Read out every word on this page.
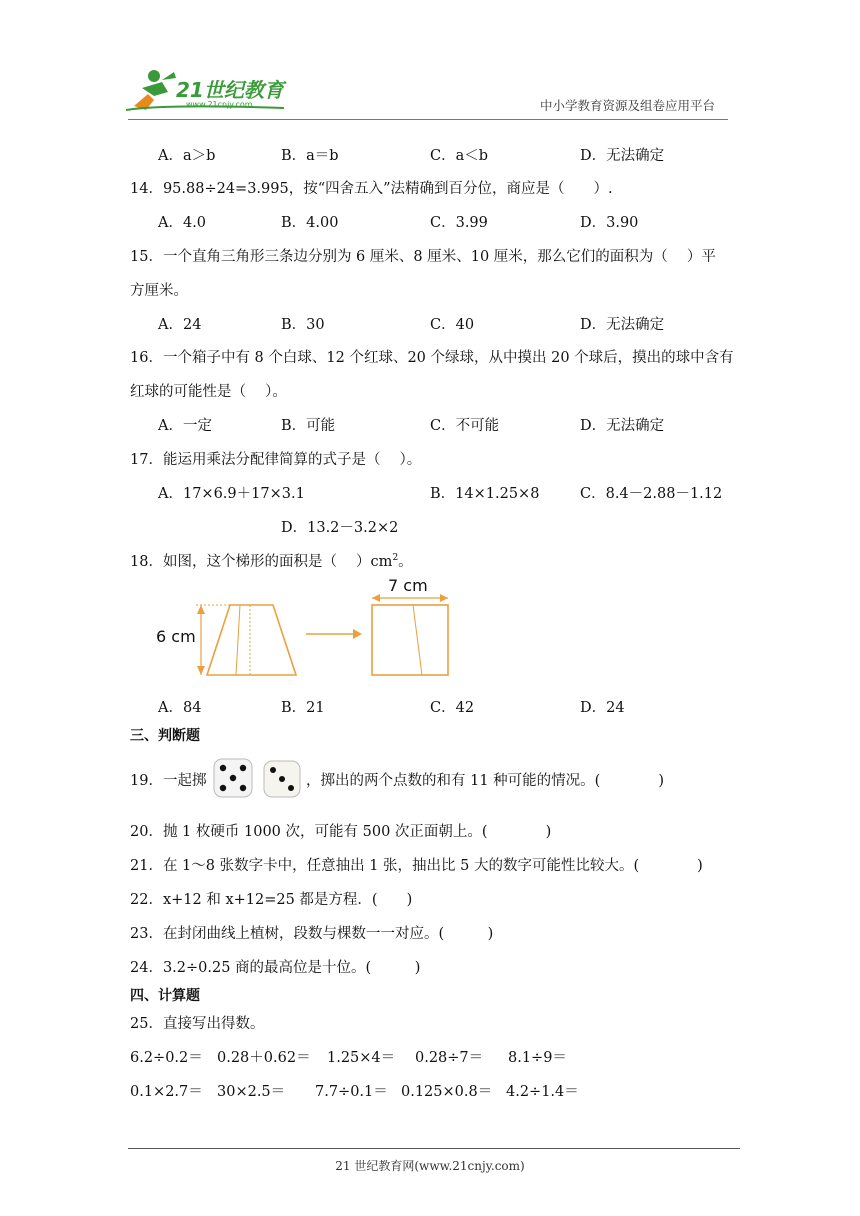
21世纪教育
www.21cnjy.com	中小学教育资源及组卷应用平台
A．a＞b	B．a＝b	C．a＜b	D．无法确定
14．95.88÷24=3.995，按“四舍五入”法精确到百分位，商应是（　　）.
A．4.0	B．4.00	C．3.99	D．3.90
15．一个直角三角形三条边分别为 6 厘米、8 厘米、10 厘米，那么它们的面积为（　 ）平
方厘米。
A．24	B．30	C．40	D．无法确定
16．一个箱子中有 8 个白球、12 个红球、20 个绿球，从中摸出 20 个球后，摸出的球中含有
红球的可能性是（　 ）。
A．一定	B．可能	C．不可能	D．无法确定
17．能运用乘法分配律简算的式子是（　 ）。
A．17×6.9＋17×3.1	B．14×1.25×8	C．8.4－2.88－1.12
D．13.2－3.2×2
18．如图，这个梯形的面积是（　 ）$cm^2$。
6 cm
7 cm
A．84	B．21	C．42	D．24
三、判断题
19．一起掷	，掷出的两个点数的和有 11 种可能的情况。(　　　　)
20．抛 1 枚硬币 1000 次，可能有 500 次正面朝上。(　　　　)
21．在 1～8 张数字卡中，任意抽出 1 张，抽出比 5 大的数字可能性比较大。(　　　　)
22．x+12 和 x+12=25 都是方程．(　　)
23．在封闭曲线上植树，段数与棵数一一对应。(　　　)
24．3.2÷0.25 商的最高位是十位。(　　　)
四、计算题
25．直接写出得数。
6.2÷0.2＝ 0.28＋0.62＝ 1.25×4＝ 0.28÷7＝ 8.1÷9＝
0.1×2.7＝ 30×2.5＝ 7.7÷0.1＝ 0.125×0.8＝ 4.2÷1.4＝
21 世纪教育网(www.21cnjy.com)
